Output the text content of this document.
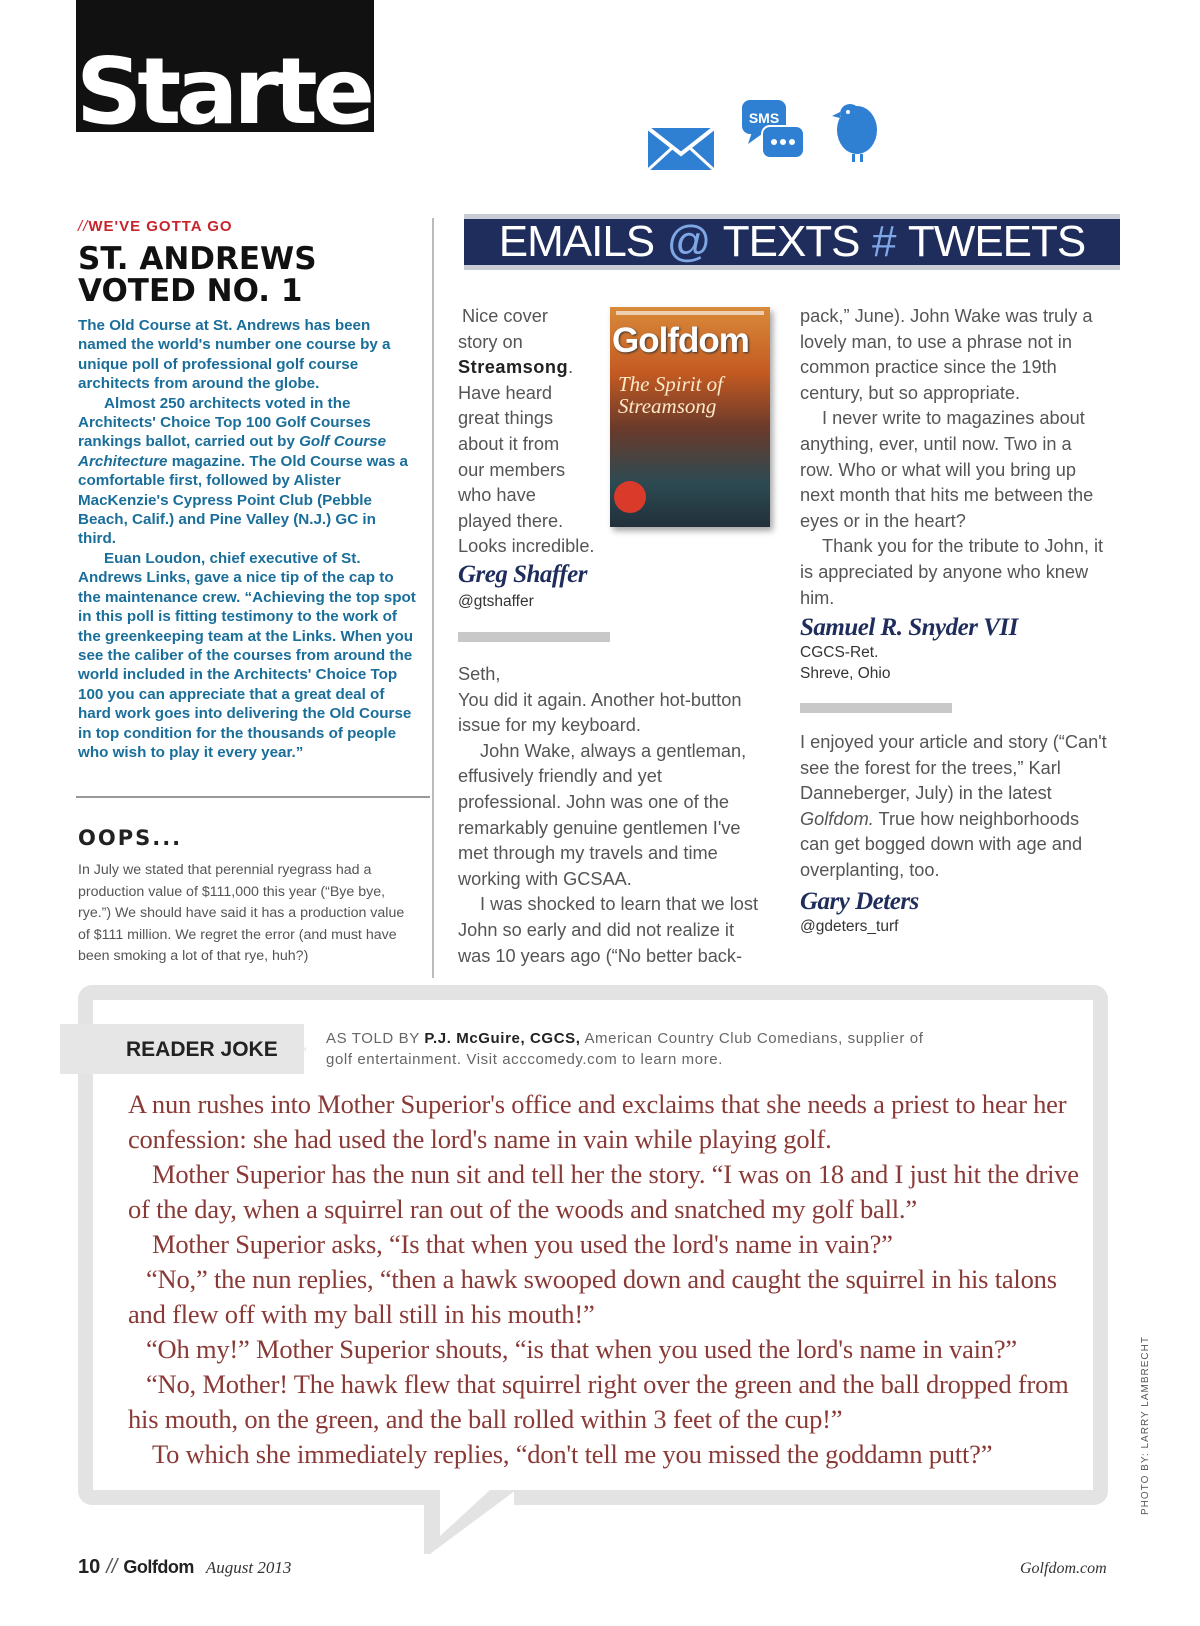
Starter	SMS
EMAILS @ TEXTS # TWEETS
//WE'VE GOTTA GO
ST. ANDREWS VOTED NO. 1

The Old Course at St. Andrews has been named the world's number one course by a unique poll of professional golf course architects from around the globe.

Almost 250 architects voted in the Architects' Choice Top 100 Golf Courses rankings ballot, carried out by Golf Course Architecture magazine. The Old Course was a comfortable first, followed by Alister MacKenzie's Cypress Point Club (Pebble Beach, Calif.) and Pine Valley (N.J.) GC in third.

Euan Loudon, chief executive of St. Andrews Links, gave a nice tip of the cap to the maintenance crew. “Achieving the top spot in this poll is fitting testimony to the work of the greenkeeping team at the Links. When you see the caliber of the courses from around the world included in the Architects' Choice Top 100 you can appreciate that a great deal of hard work goes into delivering the Old Course in top condition for the thousands of people who wish to play it every year.”

OOPS...
In July we stated that perennial ryegrass had a production value of $111,000 this year (“Bye bye, rye.”) We should have said it has a production value of $111 million. We regret the error (and must have been smoking a lot of that rye, huh?)

Nice cover

story on

Streamsong.

Have heard

great things

about it from

our members

who have

played there.

Looks incredible.

Golfdom
The Spirit of Streamsong
Greg Shaffer
@gtshaffer

Seth,

You did it again. Another hot-button issue for my keyboard.

John Wake, always a gentleman, effusively friendly and yet professional. John was one of the remarkably genuine gentlemen I've met through my travels and time working with GCSAA.

I was shocked to learn that we lost John so early and did not realize it was 10 years ago (“No better back-

pack,” June). John Wake was truly a lovely man, to use a phrase not in common practice since the 19th century, but so appropriate.

I never write to magazines about anything, ever, until now. Two in a row. Who or what will you bring up next month that hits me between the eyes or in the heart?

Thank you for the tribute to John, it is appreciated by anyone who knew him.

Samuel R. Snyder VII
CGCS-Ret.
Shreve, Ohio

I enjoyed your article and story (“Can't see the forest for the trees,” Karl Danneberger, July) in the latest Golfdom. True how neighborhoods can get bogged down with age and overplanting, too.

Gary Deters
@gdeters_turf
READER JOKE	AS TOLD BY P.J. McGuire, CGCS, American Country Club Comedians, supplier of golf entertainment. Visit acccomedy.com to learn more.

A nun rushes into Mother Superior's office and exclaims that she needs a priest to hear her confession: she had used the lord's name in vain while playing golf.

Mother Superior has the nun sit and tell her the story. “I was on 18 and I just hit the drive of the day, when a squirrel ran out of the woods and snatched my golf ball.”

Mother Superior asks, “Is that when you used the lord's name in vain?”

“No,” the nun replies, “then a hawk swooped down and caught the squirrel in his talons and flew off with my ball still in his mouth!”

“Oh my!” Mother Superior shouts, “is that when you used the lord's name in vain?”

“No, Mother! The hawk flew that squirrel right over the green and the ball dropped from his mouth, on the green, and the ball rolled within 3 feet of the cup!”

To which she immediately replies, “don't tell me you missed the goddamn putt?”	PHOTO BY: LARRY LAMBRECHT
10 // Golfdom August 2013	Golfdom.com
